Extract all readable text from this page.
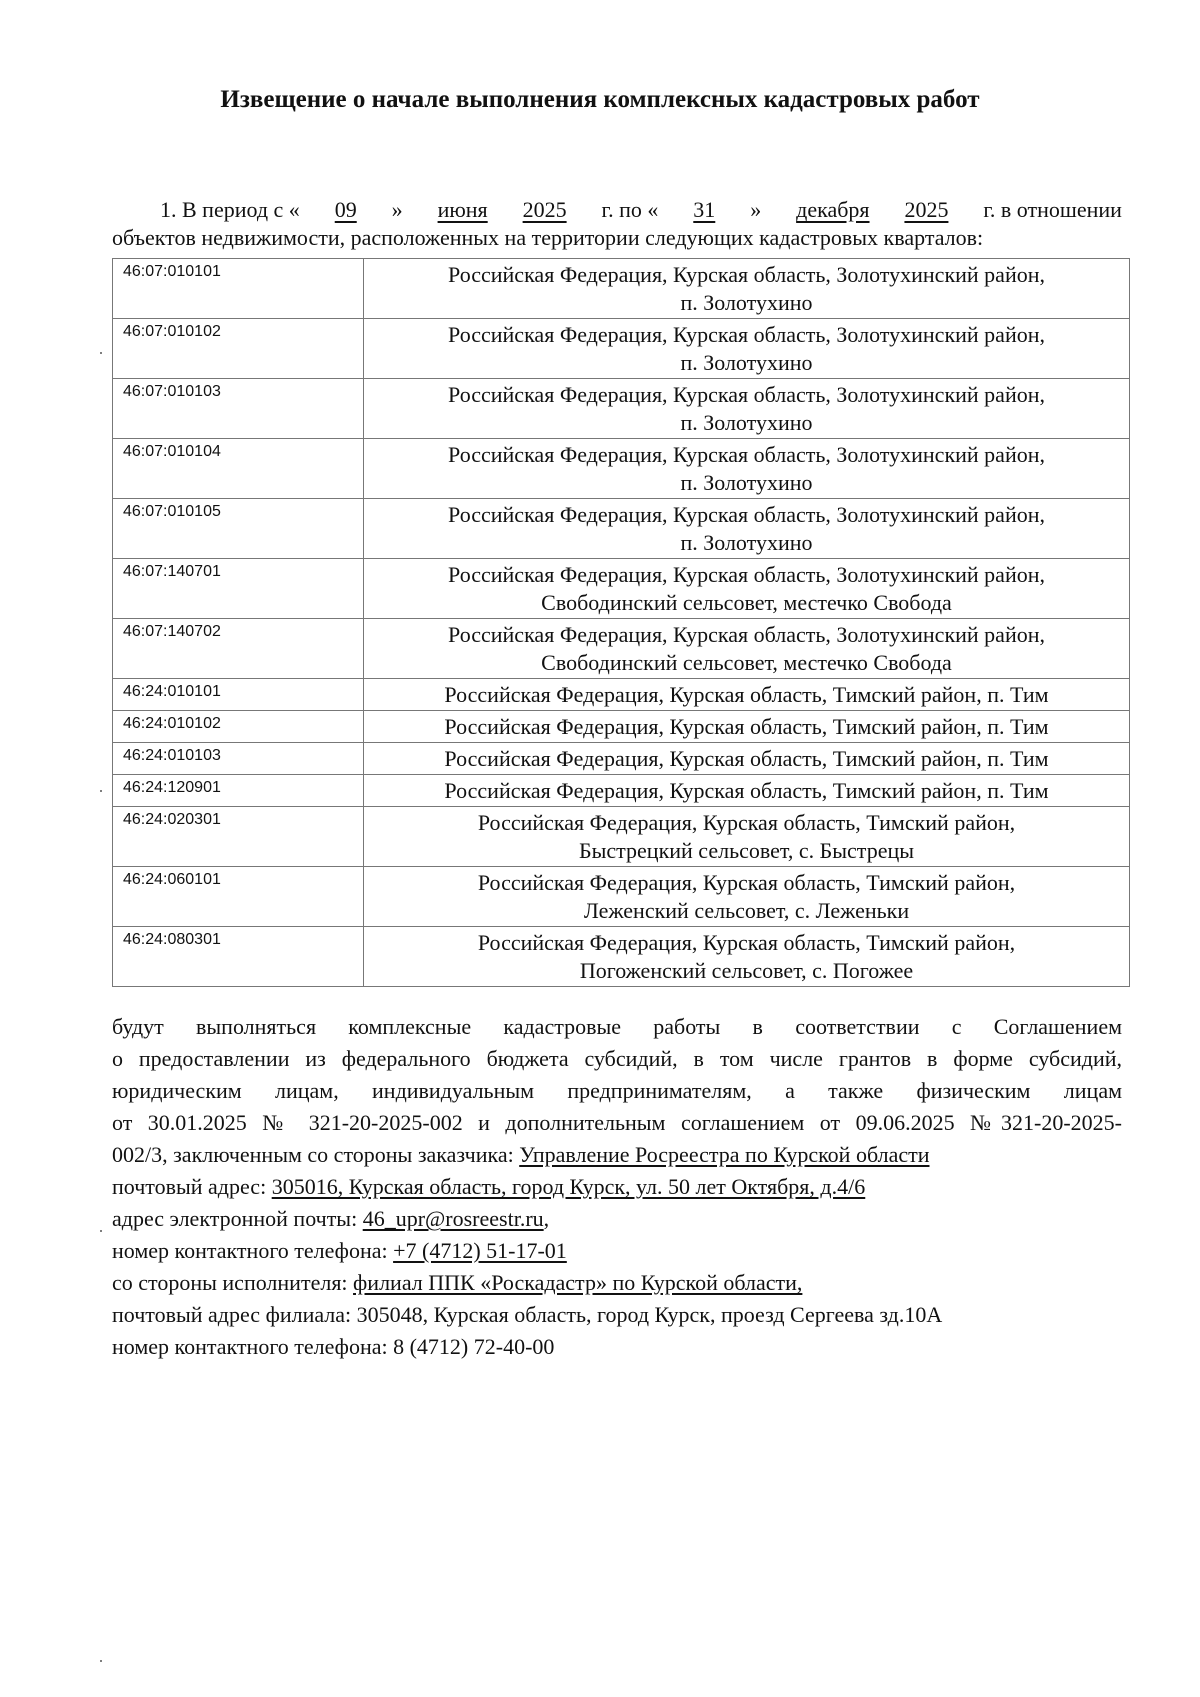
Извещение о начале выполнения комплексных кадастровых работ
1. В период с « 09 » июня 2025 г. по « 31 » декабря 2025 г. в отношении
объектов недвижимости, расположенных на территории следующих кадастровых кварталов:
46:07:010101	Российская Федерация, Курская область, Золотухинский район,
п. Золотухино

46:07:010102	Российская Федерация, Курская область, Золотухинский район,
п. Золотухино

46:07:010103	Российская Федерация, Курская область, Золотухинский район,
п. Золотухино

46:07:010104	Российская Федерация, Курская область, Золотухинский район,
п. Золотухино

46:07:010105	Российская Федерация, Курская область, Золотухинский район,
п. Золотухино

46:07:140701	Российская Федерация, Курская область, Золотухинский район,
Свободинский сельсовет, местечко Свобода

46:07:140702	Российская Федерация, Курская область, Золотухинский район,
Свободинский сельсовет, местечко Свобода

46:24:010101	Российская Федерация, Курская область, Тимский район, п. Тим

46:24:010102	Российская Федерация, Курская область, Тимский район, п. Тим

46:24:010103	Российская Федерация, Курская область, Тимский район, п. Тим

46:24:120901	Российская Федерация, Курская область, Тимский район, п. Тим

46:24:020301	Российская Федерация, Курская область, Тимский район,
Быстрецкий сельсовет, с. Быстрецы

46:24:060101	Российская Федерация, Курская область, Тимский район,
Леженский сельсовет, с. Леженьки

46:24:080301	Российская Федерация, Курская область, Тимский район,
Погоженский сельсовет, с. Погожее
будут выполняться комплексные кадастровые работы в соответствии с Соглашением
о предоставлении из федерального бюджета субсидий, в том числе грантов в форме субсидий,
юридическим лицам, индивидуальным предпринимателям, а также физическим лицам
от 30.01.2025 № 321-20-2025-002 и дополнительным соглашением от 09.06.2025 №321-20-2025-
002/3, заключенным со стороны заказчика: Управление Росреестра по Курской области
почтовый адрес: 305016, Курская область, город Курск, ул. 50 лет Октября, д.4/6
адрес электронной почты: 46_upr@rosreestr.ru,
номер контактного телефона: +7 (4712) 51-17-01
со стороны исполнителя: филиал ППК «Роскадастр» по Курской области,
почтовый адрес филиала: 305048, Курская область, город Курск, проезд Сергеева зд.10А
номер контактного телефона: 8 (4712) 72-40-00
